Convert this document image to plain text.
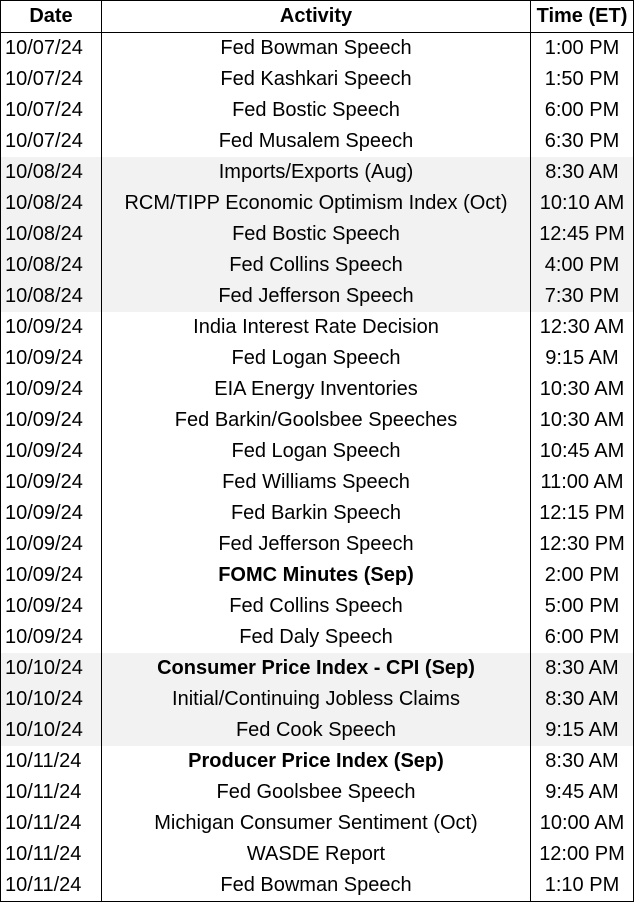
Date	Activity	Time (ET)
10/07/24	Fed Bowman Speech	1:00 PM
10/07/24	Fed Kashkari Speech	1:50 PM
10/07/24	Fed Bostic Speech	6:00 PM
10/07/24	Fed Musalem Speech	6:30 PM
10/08/24	Imports/Exports (Aug)	8:30 AM
10/08/24	RCM/TIPP Economic Optimism Index (Oct)	10:10 AM
10/08/24	Fed Bostic Speech	12:45 PM
10/08/24	Fed Collins Speech	4:00 PM
10/08/24	Fed Jefferson Speech	7:30 PM
10/09/24	India Interest Rate Decision	12:30 AM
10/09/24	Fed Logan Speech	9:15 AM
10/09/24	EIA Energy Inventories	10:30 AM
10/09/24	Fed Barkin/Goolsbee Speeches	10:30 AM
10/09/24	Fed Logan Speech	10:45 AM
10/09/24	Fed Williams Speech	11:00 AM
10/09/24	Fed Barkin Speech	12:15 PM
10/09/24	Fed Jefferson Speech	12:30 PM
10/09/24	FOMC Minutes (Sep)	2:00 PM
10/09/24	Fed Collins Speech	5:00 PM
10/09/24	Fed Daly Speech	6:00 PM
10/10/24	Consumer Price Index - CPI (Sep)	8:30 AM
10/10/24	Initial/Continuing Jobless Claims	8:30 AM
10/10/24	Fed Cook Speech	9:15 AM
10/11/24	Producer Price Index (Sep)	8:30 AM
10/11/24	Fed Goolsbee Speech	9:45 AM
10/11/24	Michigan Consumer Sentiment (Oct)	10:00 AM
10/11/24	WASDE Report	12:00 PM
10/11/24	Fed Bowman Speech	1:10 PM
